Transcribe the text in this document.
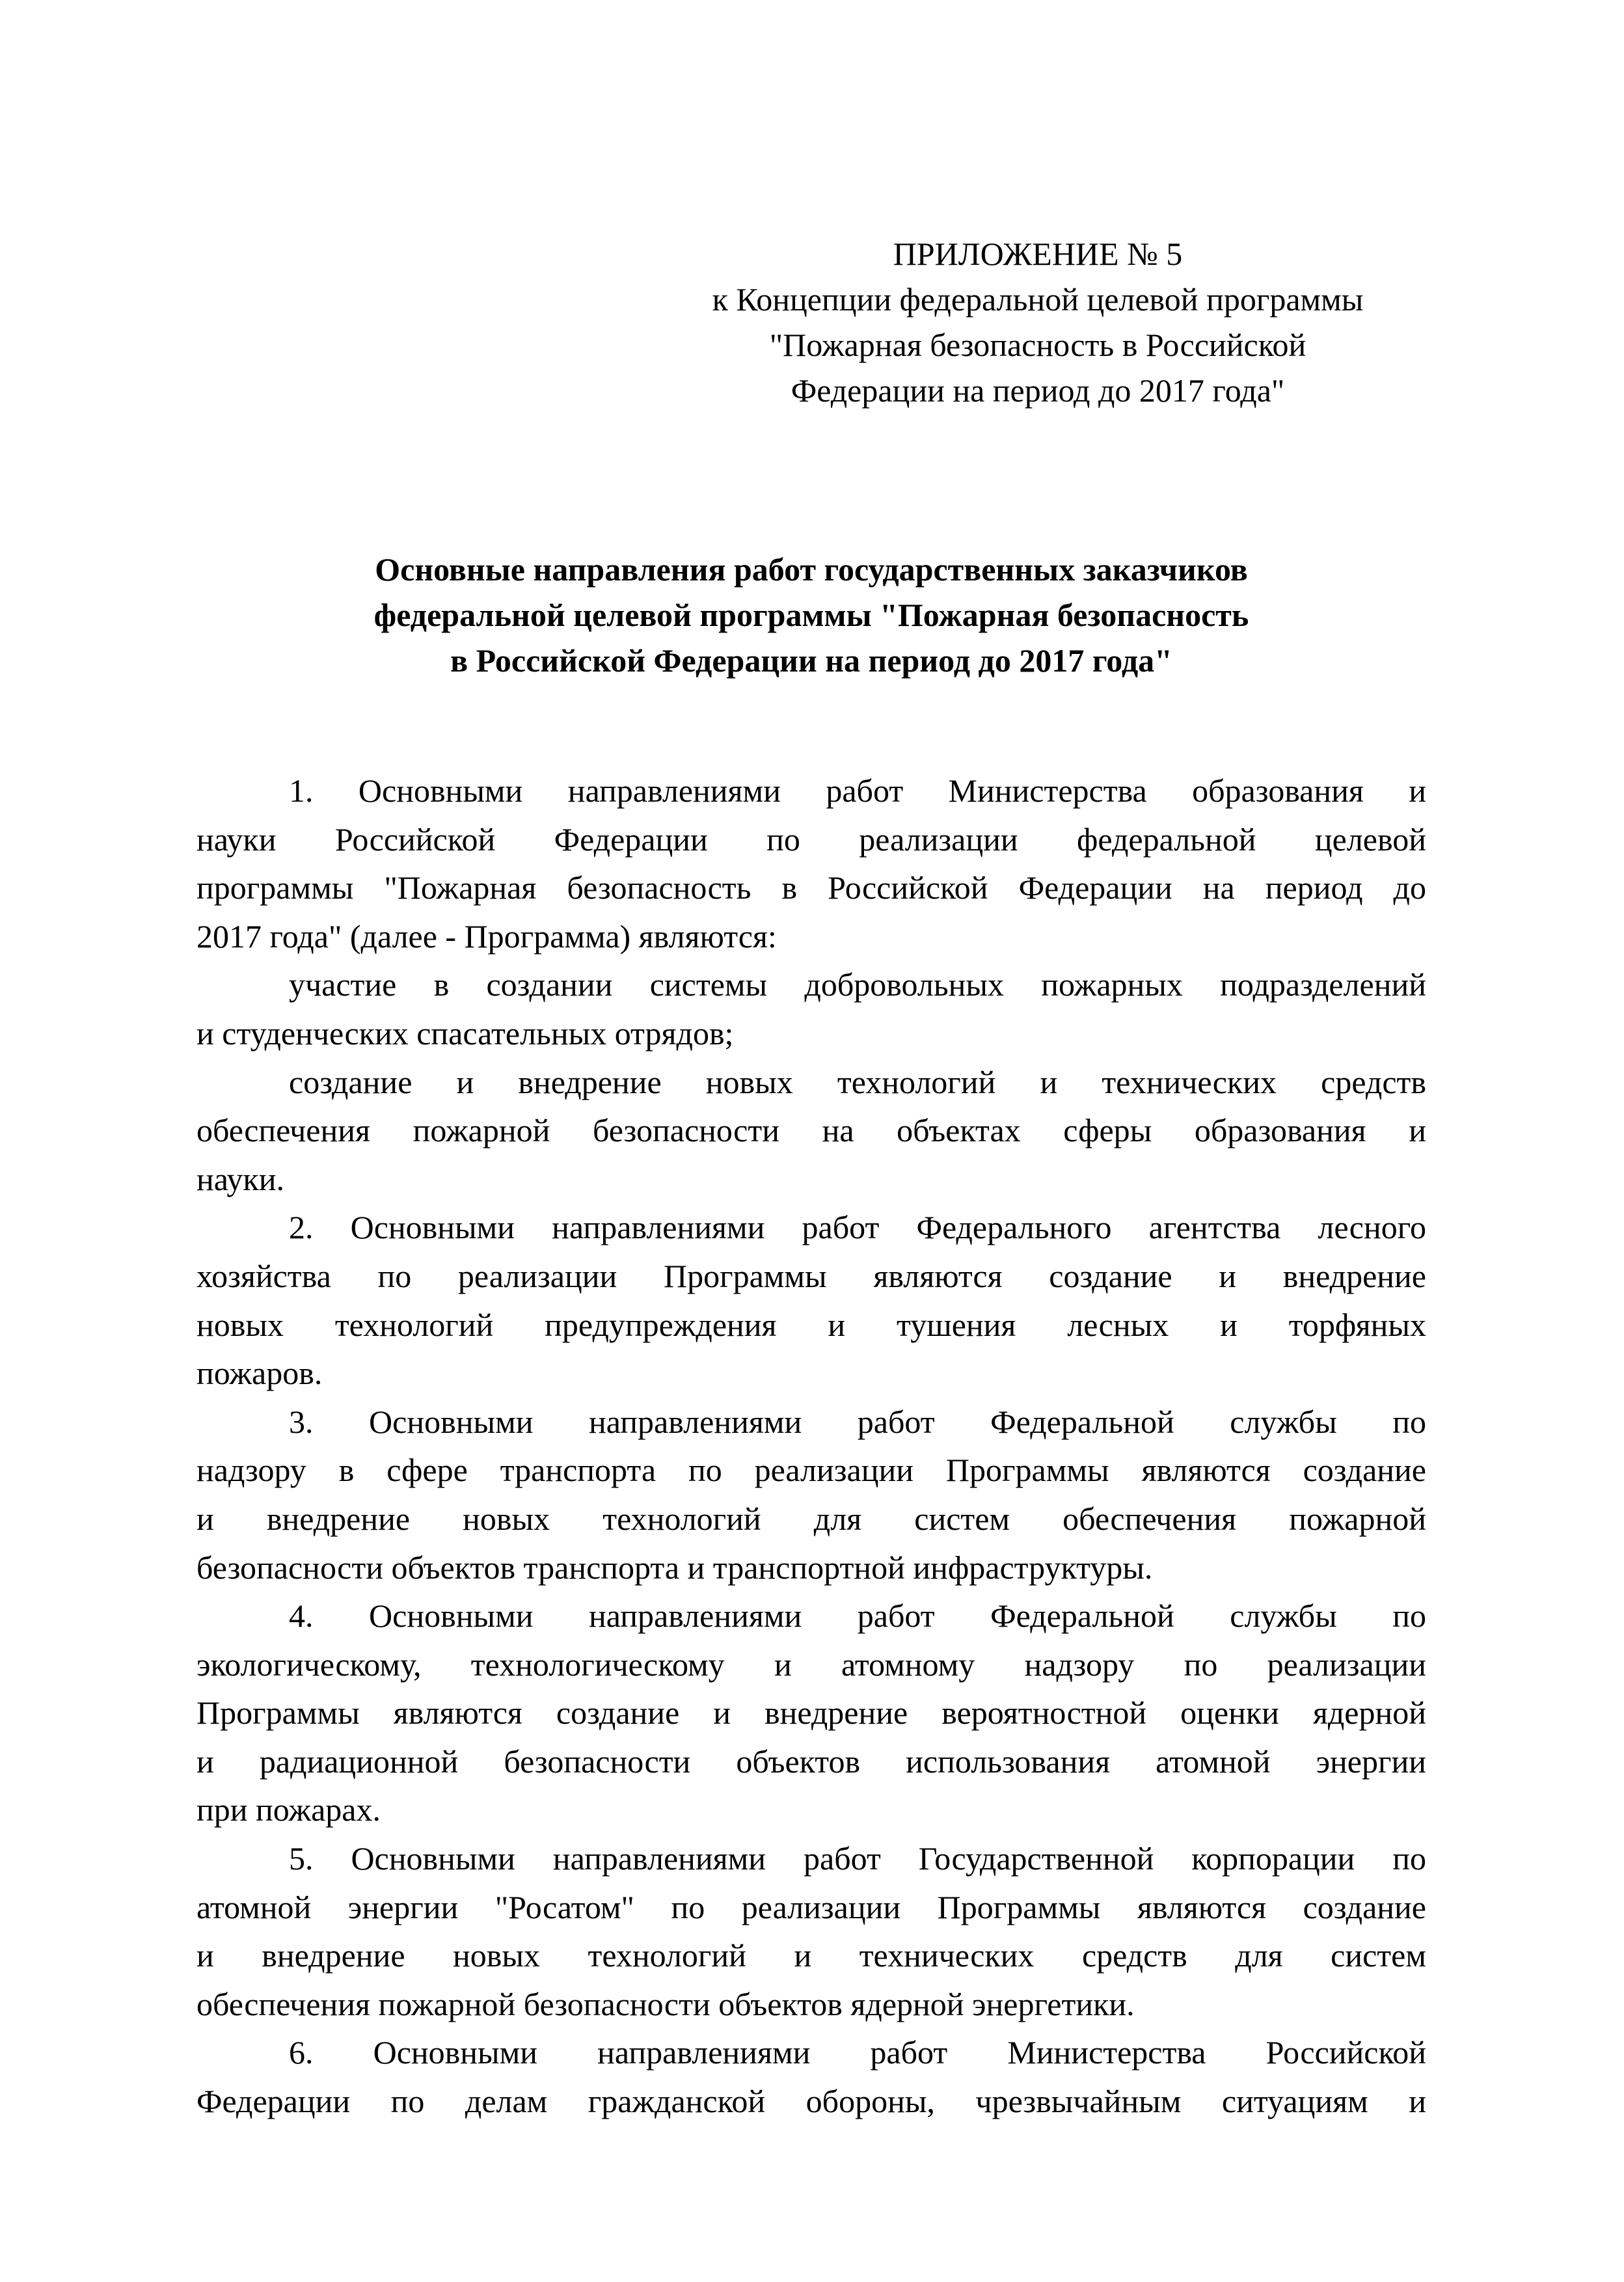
ПРИЛОЖЕНИЕ № 5
к Концепции федеральной целевой программы
"Пожарная безопасность в Российской
Федерации на период до 2017 года"
Основные направления работ государственных заказчиков
федеральной целевой программы "Пожарная безопасность
в Российской Федерации на период до 2017 года"

1. Основными направлениями работ Министерства образования и
науки Российской Федерации по реализации федеральной целевой
программы "Пожарная безопасность в Российской Федерации на период до
2017 года" (далее - Программа) являются:

участие в создании системы добровольных пожарных подразделений
и студенческих спасательных отрядов;

создание и внедрение новых технологий и технических средств
обеспечения пожарной безопасности на объектах сферы образования и
науки.

2. Основными направлениями работ Федерального агентства лесного
хозяйства по реализации Программы являются создание и внедрение
новых технологий предупреждения и тушения лесных и торфяных
пожаров.

3. Основными направлениями работ Федеральной службы по
надзору в сфере транспорта по реализации Программы являются создание
и внедрение новых технологий для систем обеспечения пожарной
безопасности объектов транспорта и транспортной инфраструктуры.

4. Основными направлениями работ Федеральной службы по
экологическому, технологическому и атомному надзору по реализации
Программы являются создание и внедрение вероятностной оценки ядерной
и радиационной безопасности объектов использования атомной энергии
при пожарах.

5. Основными направлениями работ Государственной корпорации по
атомной энергии "Росатом" по реализации Программы являются создание
и внедрение новых технологий и технических средств для систем
обеспечения пожарной безопасности объектов ядерной энергетики.

6. Основными направлениями работ Министерства Российской
Федерации по делам гражданской обороны, чрезвычайным ситуациям и
